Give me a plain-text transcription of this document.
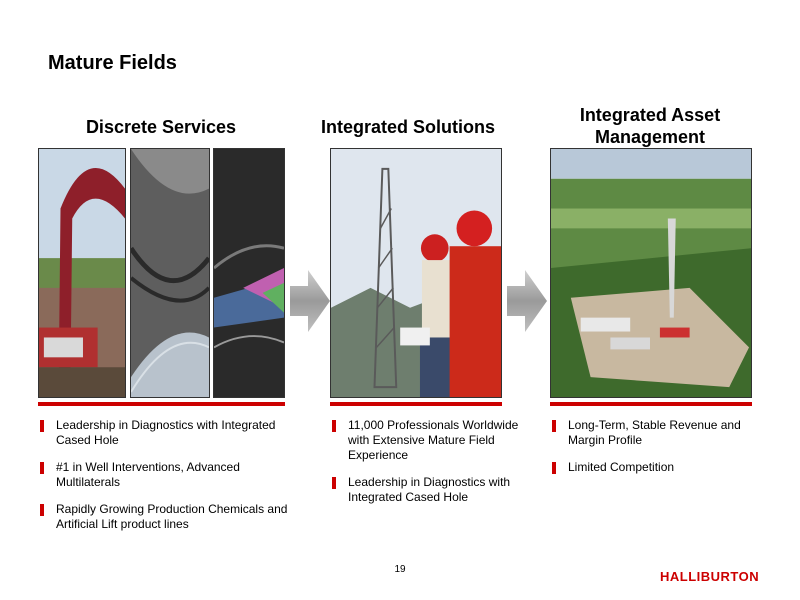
Mature Fields
Discrete Services	Integrated Solutions
Integrated Asset Management
Leadership in Diagnostics with Integrated Cased Hole
#1 in Well Interventions, Advanced Multilaterals
Rapidly Growing Production Chemicals and Artificial Lift product lines
11,000 Professionals Worldwide with Extensive Mature Field Experience
Leadership in Diagnostics with Integrated Cased Hole
Long-Term, Stable Revenue and Margin Profile
Limited Competition
19	HALLIBURTON
